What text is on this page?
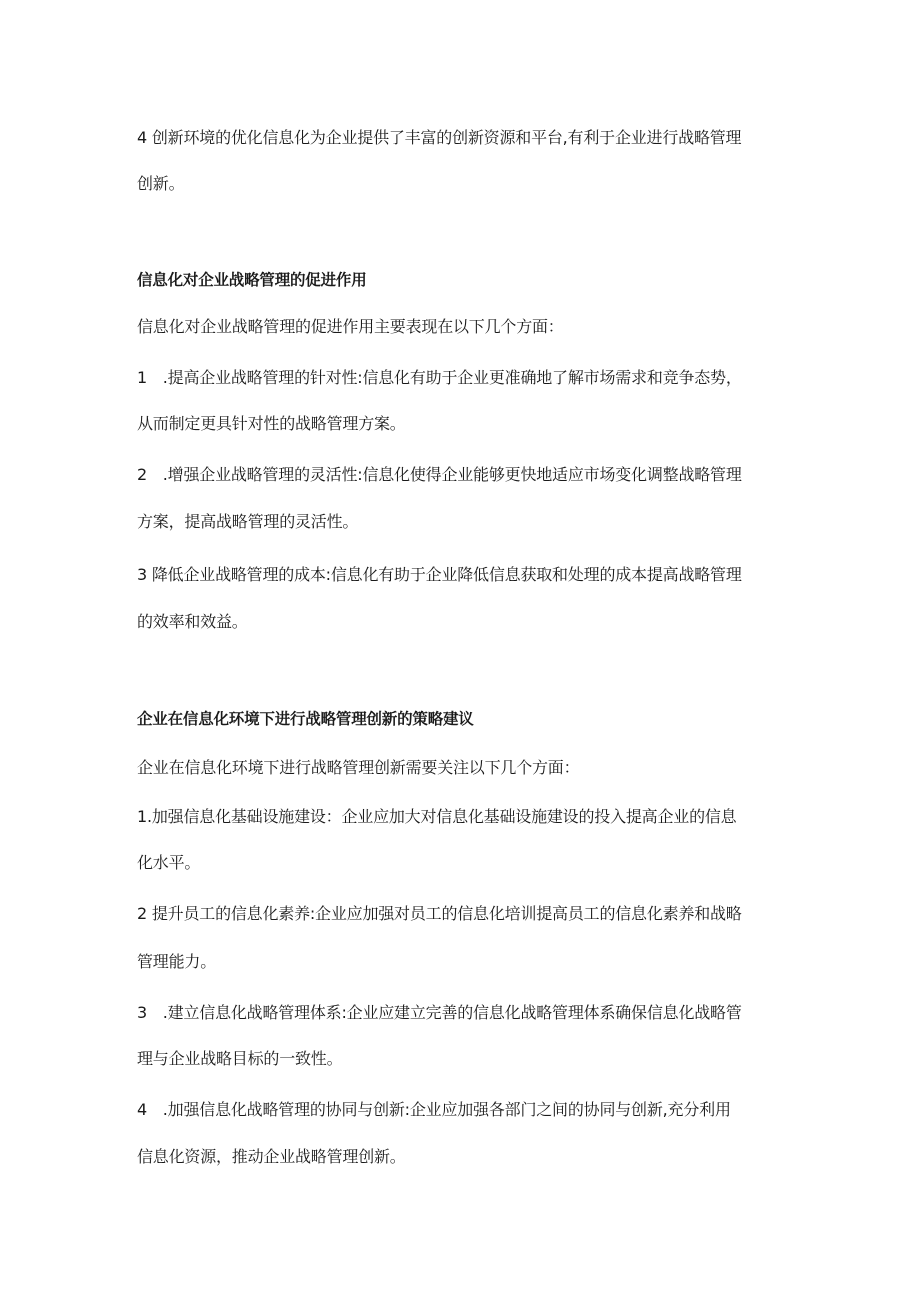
4 创新环境的优化信息化为企业提供了丰富的创新资源和平台,有利于企业进行战略管理
创新。
信息化对企业战略管理的促进作用
信息化对企业战略管理的促进作用主要表现在以下几个方面：
1　.提高企业战略管理的针对性:信息化有助于企业更准确地了解市场需求和竞争态势，
从而制定更具针对性的战略管理方案。
2　.增强企业战略管理的灵活性:信息化使得企业能够更快地适应市场变化调整战略管理
方案，提高战略管理的灵活性。
3 降低企业战略管理的成本:信息化有助于企业降低信息获取和处理的成本提高战略管理
的效率和效益。
企业在信息化环境下进行战略管理创新的策略建议
企业在信息化环境下进行战略管理创新需要关注以下几个方面：
1.加强信息化基础设施建设：企业应加大对信息化基础设施建设的投入提高企业的信息
化水平。
2 提升员工的信息化素养:企业应加强对员工的信息化培训提高员工的信息化素养和战略
管理能力。
3　.建立信息化战略管理体系:企业应建立完善的信息化战略管理体系确保信息化战略管
理与企业战略目标的一致性。
4　.加强信息化战略管理的协同与创新:企业应加强各部门之间的协同与创新,充分利用
信息化资源，推动企业战略管理创新。
